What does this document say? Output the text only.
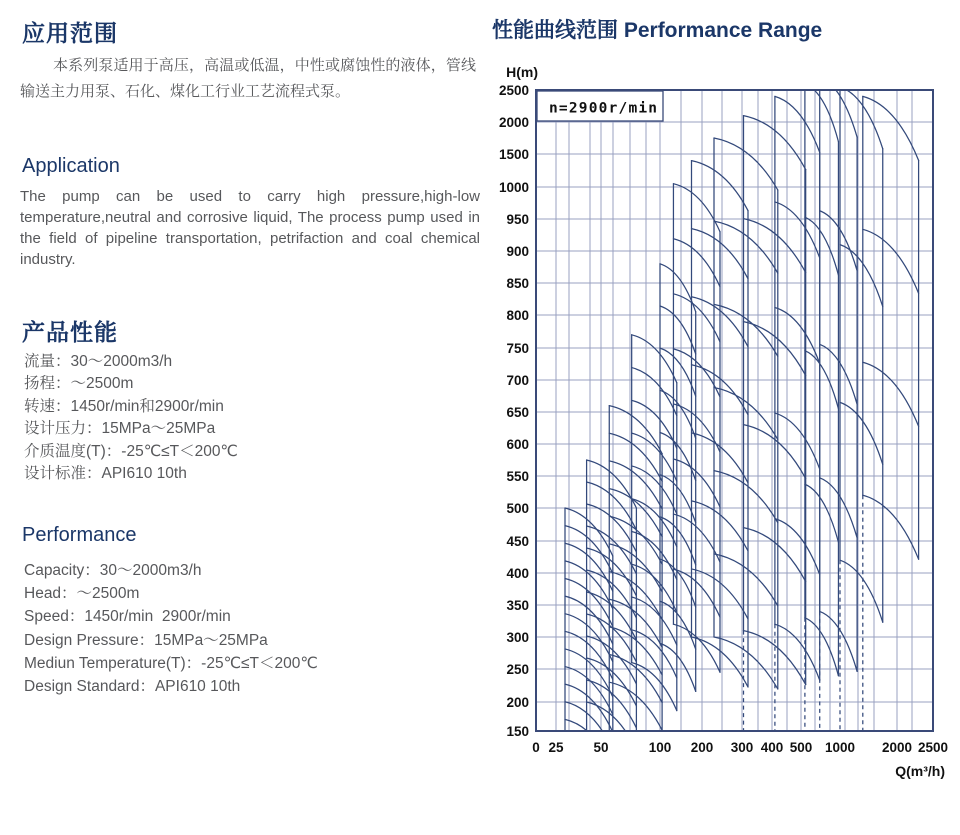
应用范围
本系列泵适用于高压，高温或低温，中性或腐蚀性的液体，管线输送主力用泵、石化、煤化工行业工艺流程式泵。
Application
The pump can be used to carry high pressure,high-low temperature,neutral and corrosive liquid, The process pump used in the field of pipeline transportation, petrifaction and coal chemical industry.
产品性能
流量：30～2000m3/h
扬程：～2500m
转速：1450r/min和2900r/min
设计压力：15MPa～25MPa
介质温度(T)：-25℃≤T＜200℃
设计标准：API610 10th
Performance
Capacity：30～2000m3/h
Head：～2500m
Speed：1450r/min  2900r/min
Design Pressure：15MPa～25MPa
Mediun Temperature(T)：-25℃≤T＜200℃
Design Standard：API610 10th
性能曲线范围 Performance Range
n=2900r/min
150
200
250
300
350
400
450
500
550
600
650
700
750
800
850
900
950
1000
1500
2000
2500
0 25 50	100 200 300 400 500 1000 2000 2500
H(m)
Q(m³/h)
